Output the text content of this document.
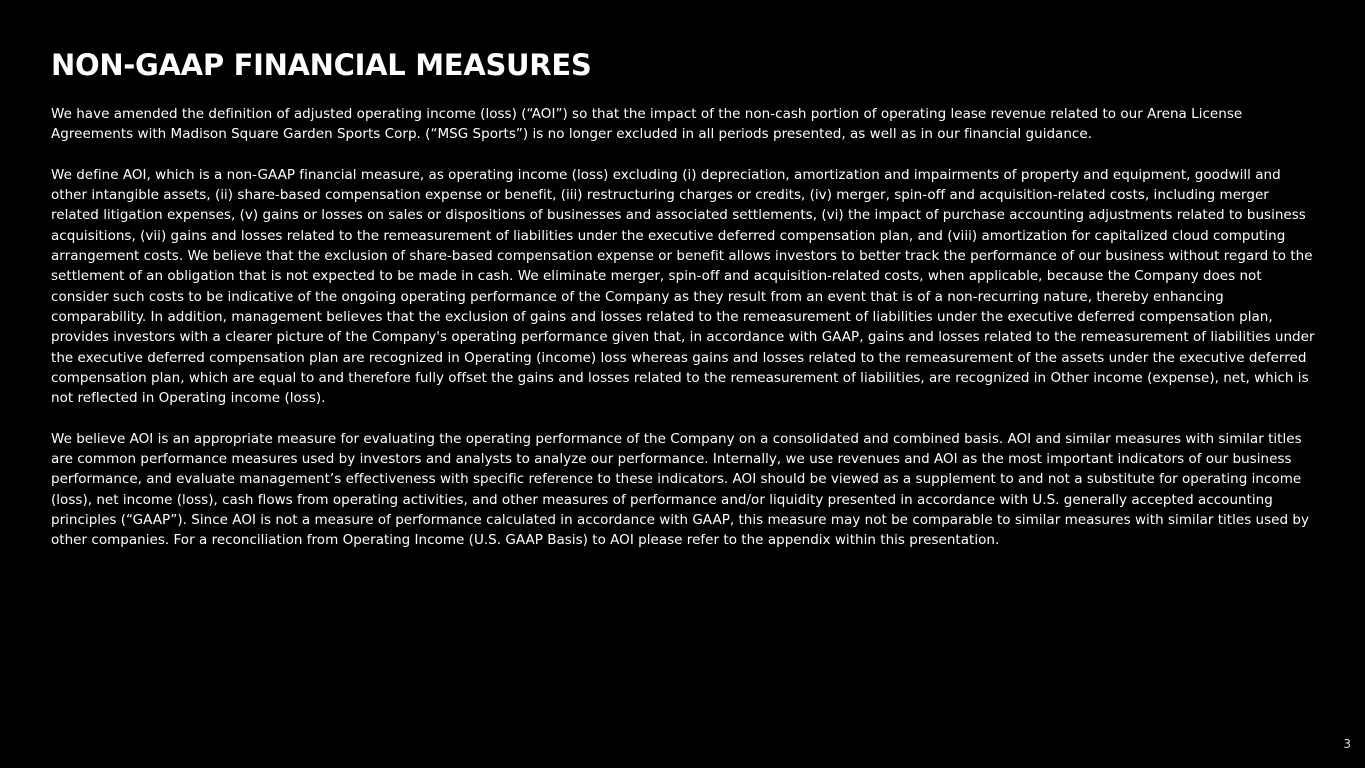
NON-GAAP FINANCIAL MEASURES

We have amended the definition of adjusted operating income (loss) (“AOI”) so that the impact of the non-cash portion of operating lease revenue related to our Arena License Agreements with Madison Square Garden Sports Corp. (“MSG Sports”) is no longer excluded in all periods presented, as well as in our financial guidance.

We define AOI, which is a non-GAAP financial measure, as operating income (loss) excluding (i) depreciation, amortization and impairments of property and equipment, goodwill and other intangible assets, (ii) share-based compensation expense or benefit, (iii) restructuring charges or credits, (iv) merger, spin-off and acquisition-related costs, including merger related litigation expenses, (v) gains or losses on sales or dispositions of businesses and associated settlements, (vi) the impact of purchase accounting adjustments related to business acquisitions, (vii) gains and losses related to the remeasurement of liabilities under the executive deferred compensation plan, and (viii) amortization for capitalized cloud computing arrangement costs. We believe that the exclusion of share-based compensation expense or benefit allows investors to better track the performance of our business without regard to the settlement of an obligation that is not expected to be made in cash. We eliminate merger, spin-off and acquisition-related costs, when applicable, because the Company does not consider such costs to be indicative of the ongoing operating performance of the Company as they result from an event that is of a non-recurring nature, thereby enhancing comparability. In addition, management believes that the exclusion of gains and losses related to the remeasurement of liabilities under the executive deferred compensation plan, provides investors with a clearer picture of the Company's operating performance given that, in accordance with GAAP, gains and losses related to the remeasurement of liabilities under the executive deferred compensation plan are recognized in Operating (income) loss whereas gains and losses related to the remeasurement of the assets under the executive deferred compensation plan, which are equal to and therefore fully offset the gains and losses related to the remeasurement of liabilities, are recognized in Other income (expense), net, which is not reflected in Operating income (loss).

We believe AOI is an appropriate measure for evaluating the operating performance of the Company on a consolidated and combined basis. AOI and similar measures with similar titles are common performance measures used by investors and analysts to analyze our performance. Internally, we use revenues and AOI as the most important indicators of our business performance, and evaluate management’s effectiveness with specific reference to these indicators. AOI should be viewed as a supplement to and not a substitute for operating income (loss), net income (loss), cash flows from operating activities, and other measures of performance and/or liquidity presented in accordance with U.S. generally accepted accounting principles (“GAAP”). Since AOI is not a measure of performance calculated in accordance with GAAP, this measure may not be comparable to similar measures with similar titles used by other companies. For a reconciliation from Operating Income (U.S. GAAP Basis) to AOI please refer to the appendix within this presentation.

3
